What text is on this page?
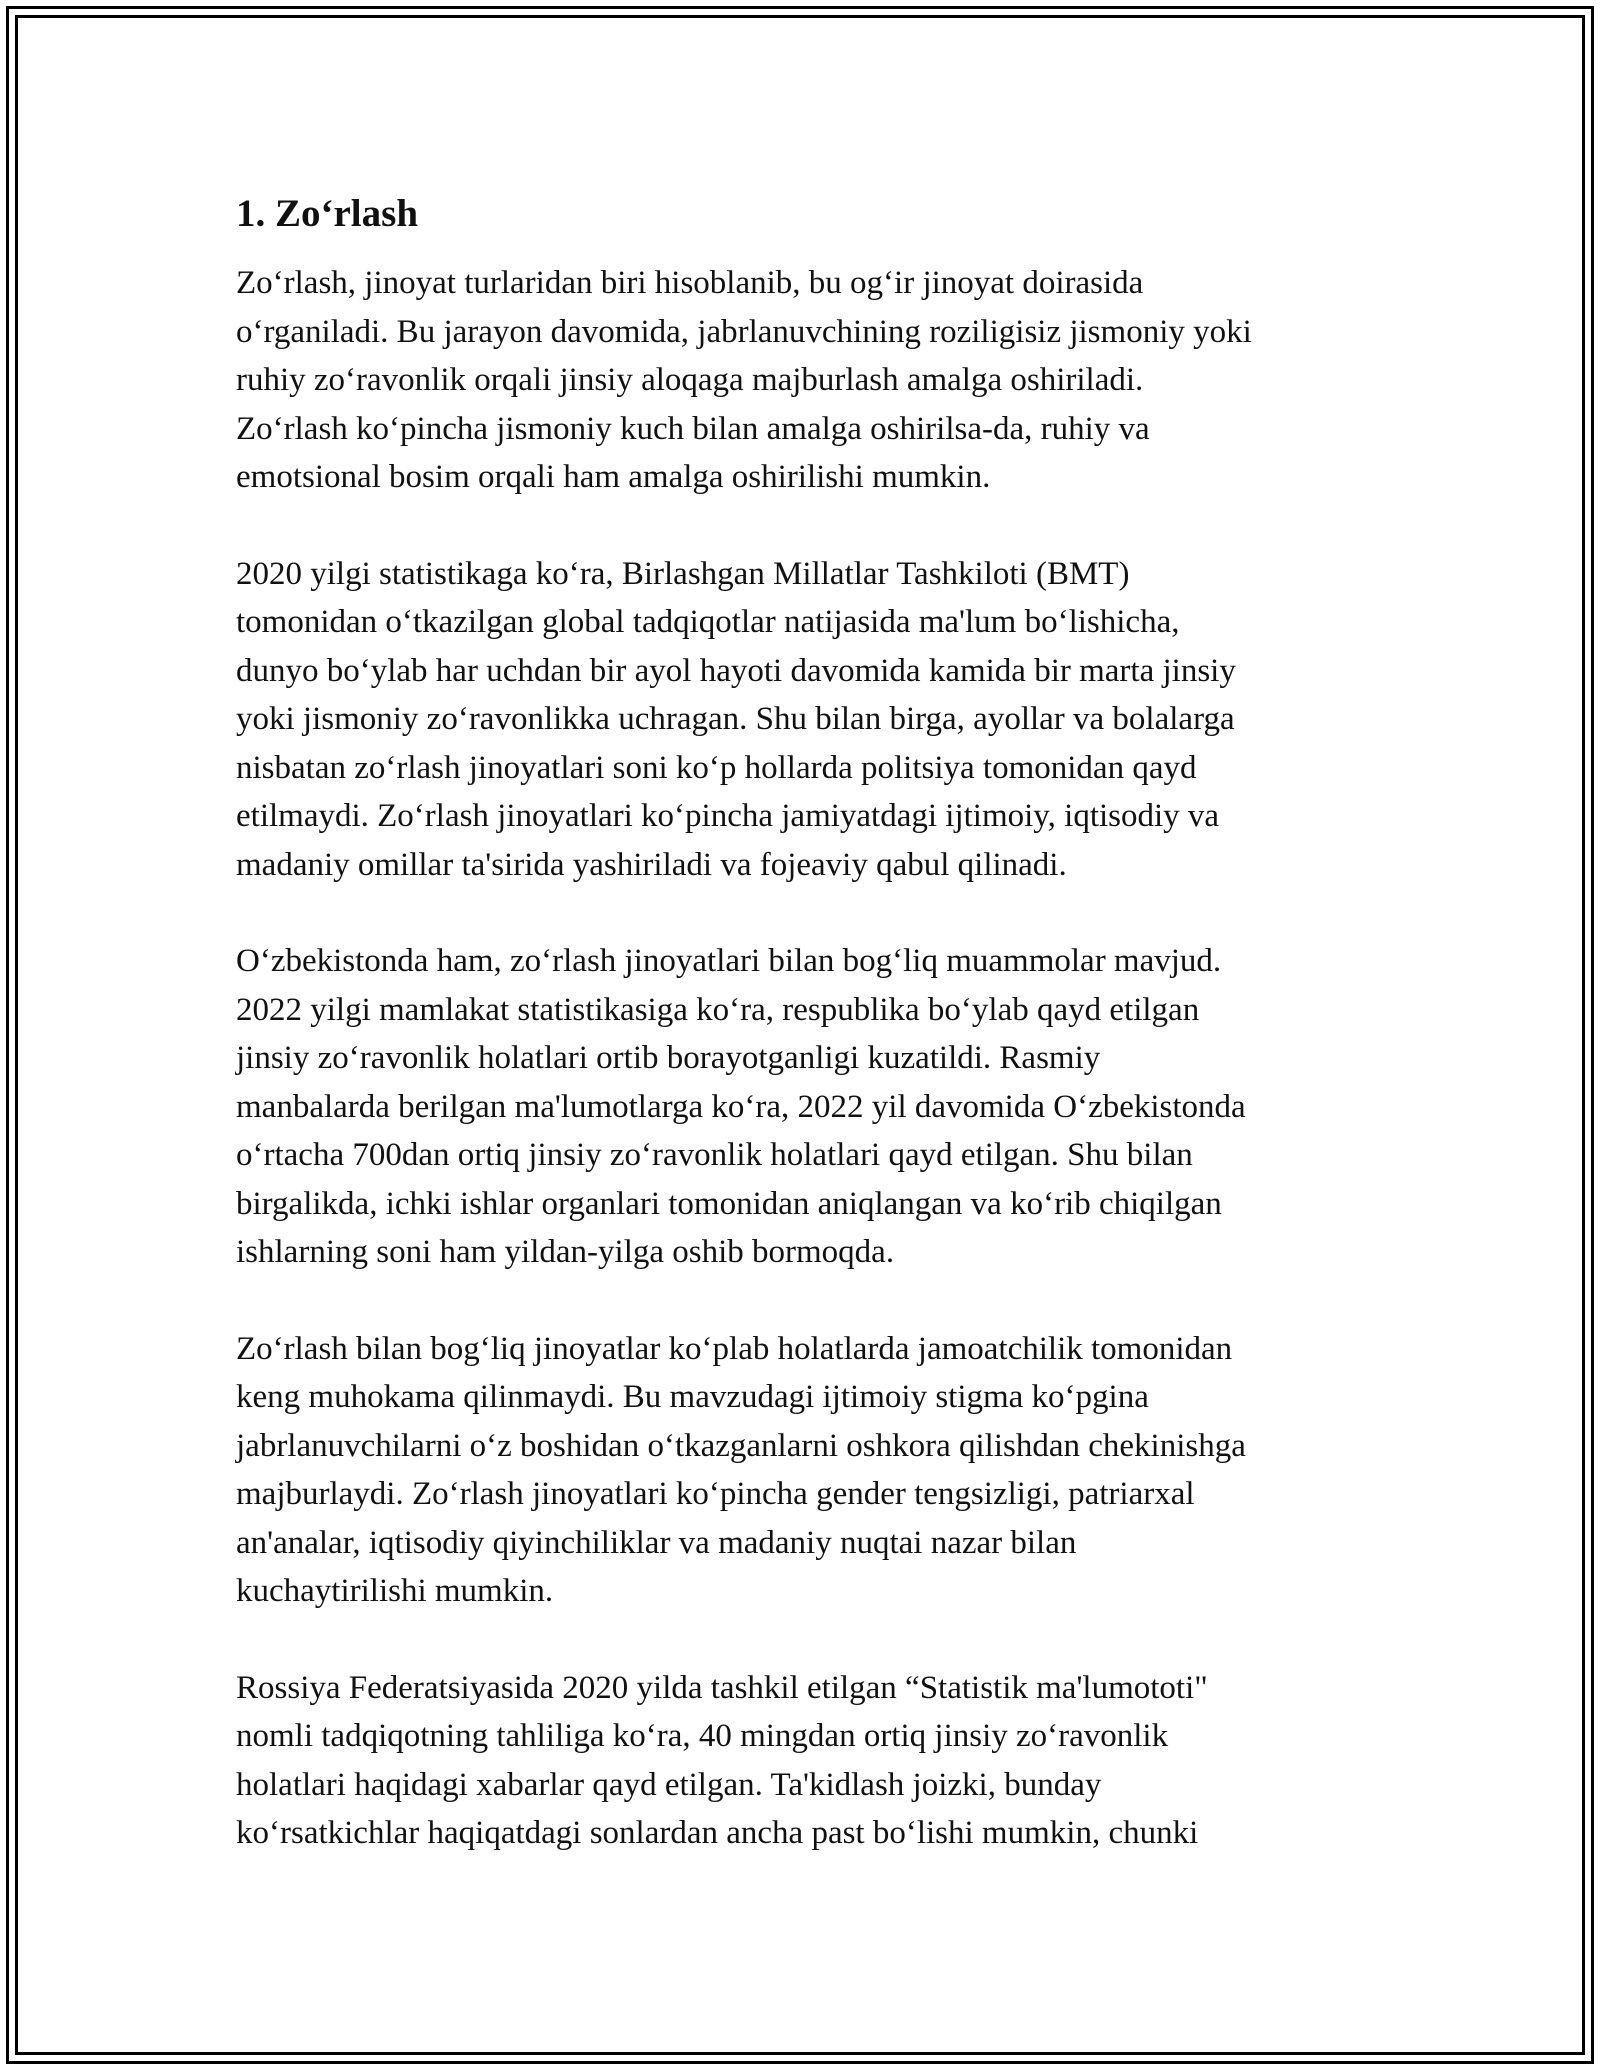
1. Zo‘rlash

Zo‘rlash, jinoyat turlaridan biri hisoblanib, bu og‘ir jinoyat doirasida
o‘rganiladi. Bu jarayon davomida, jabrlanuvchining roziligisiz jismoniy yoki
ruhiy zo‘ravonlik orqali jinsiy aloqaga majburlash amalga oshiriladi.
Zo‘rlash ko‘pincha jismoniy kuch bilan amalga oshirilsa-da, ruhiy va
emotsional bosim orqali ham amalga oshirilishi mumkin.

2020 yilgi statistikaga ko‘ra, Birlashgan Millatlar Tashkiloti (BMT)
tomonidan o‘tkazilgan global tadqiqotlar natijasida ma'lum bo‘lishicha,
dunyo bo‘ylab har uchdan bir ayol hayoti davomida kamida bir marta jinsiy
yoki jismoniy zo‘ravonlikka uchragan. Shu bilan birga, ayollar va bolalarga
nisbatan zo‘rlash jinoyatlari soni ko‘p hollarda politsiya tomonidan qayd
etilmaydi. Zo‘rlash jinoyatlari ko‘pincha jamiyatdagi ijtimoiy, iqtisodiy va
madaniy omillar ta'sirida yashiriladi va fojeaviy qabul qilinadi.

O‘zbekistonda ham, zo‘rlash jinoyatlari bilan bog‘liq muammolar mavjud.
2022 yilgi mamlakat statistikasiga ko‘ra, respublika bo‘ylab qayd etilgan
jinsiy zo‘ravonlik holatlari ortib borayotganligi kuzatildi. Rasmiy
manbalarda berilgan ma'lumotlarga ko‘ra, 2022 yil davomida O‘zbekistonda
o‘rtacha 700dan ortiq jinsiy zo‘ravonlik holatlari qayd etilgan. Shu bilan
birgalikda, ichki ishlar organlari tomonidan aniqlangan va ko‘rib chiqilgan
ishlarning soni ham yildan-yilga oshib bormoqda.

Zo‘rlash bilan bog‘liq jinoyatlar ko‘plab holatlarda jamoatchilik tomonidan
keng muhokama qilinmaydi. Bu mavzudagi ijtimoiy stigma ko‘pgina
jabrlanuvchilarni o‘z boshidan o‘tkazganlarni oshkora qilishdan chekinishga
majburlaydi. Zo‘rlash jinoyatlari ko‘pincha gender tengsizligi, patriarxal
an'analar, iqtisodiy qiyinchiliklar va madaniy nuqtai nazar bilan
kuchaytirilishi mumkin.

Rossiya Federatsiyasida 2020 yilda tashkil etilgan “Statistik ma'lumototi"
nomli tadqiqotning tahliliga ko‘ra, 40 mingdan ortiq jinsiy zo‘ravonlik
holatlari haqidagi xabarlar qayd etilgan. Ta'kidlash joizki, bunday
ko‘rsatkichlar haqiqatdagi sonlardan ancha past bo‘lishi mumkin, chunki
